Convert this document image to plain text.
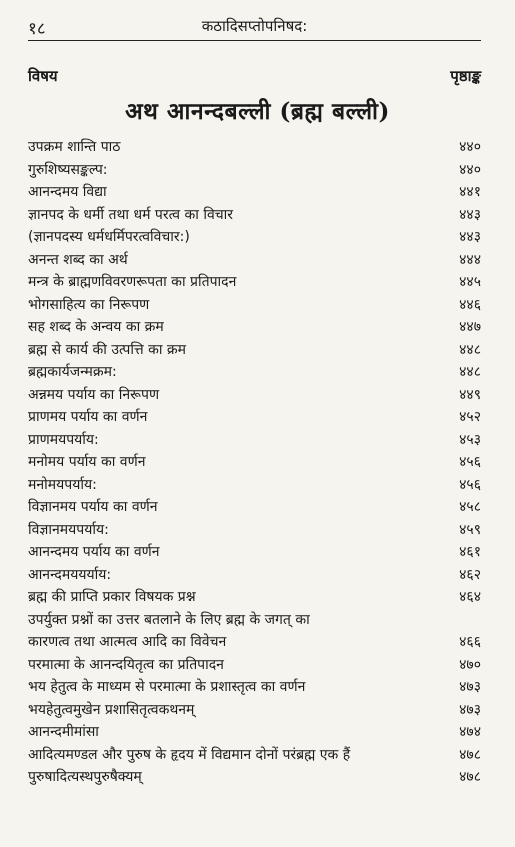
१८	कठादिसप्तोपनिषद:
विषय	पृष्ठाङ्क
अथ आनन्दबल्ली (ब्रह्म बल्ली)
उपक्रम शान्ति पाठ	४४०
गुरुशिष्यसङ्कल्प:	४४०
आनन्दमय विद्या	४४१
ज्ञानपद के धर्मी तथा धर्म परत्व का विचार	४४३
(ज्ञानपदस्य धर्मधर्मिपरत्वविचार:)	४४३
अनन्त शब्द का अर्थ	४४४
मन्त्र के ब्राह्मणविवरणरूपता का प्रतिपादन	४४५
भोगसाहित्य का निरूपण	४४६
सह शब्द के अन्वय का क्रम	४४७
ब्रह्म से कार्य की उत्पत्ति का क्रम	४४८
ब्रह्मकार्यजन्मक्रम:	४४८
अन्नमय पर्याय का निरूपण	४४९
प्राणमय पर्याय का वर्णन	४५२
प्राणमयपर्याय:	४५३
मनोमय पर्याय का वर्णन	४५६
मनोमयपर्याय:	४५६
विज्ञानमय पर्याय का वर्णन	४५८
विज्ञानमयपर्याय:	४५९
आनन्दमय पर्याय का वर्णन	४६१
आनन्दमययर्याय:	४६२
ब्रह्म की प्राप्ति प्रकार विषयक प्रश्न	४६४
उपर्युक्त प्रश्नों का उत्तर बतलाने के लिए ब्रह्म के जगत् का
कारणत्व तथा आत्मत्व आदि का विवेचन	४६६
परमात्मा के आनन्दयितृत्व का प्रतिपादन	४७०
भय हेतुत्व के माध्यम से परमात्मा के प्रशास्तृत्व का वर्णन	४७३
भयहेतुत्वमुखेन प्रशासितृत्वकथनम्	४७३
आनन्दमीमांसा	४७४
आदित्यमण्डल और पुरुष के हृदय में विद्यमान दोनों परंब्रह्म एक हैं	४७८
पुरुषादित्यस्थपुरुषैक्यम्	४७८
